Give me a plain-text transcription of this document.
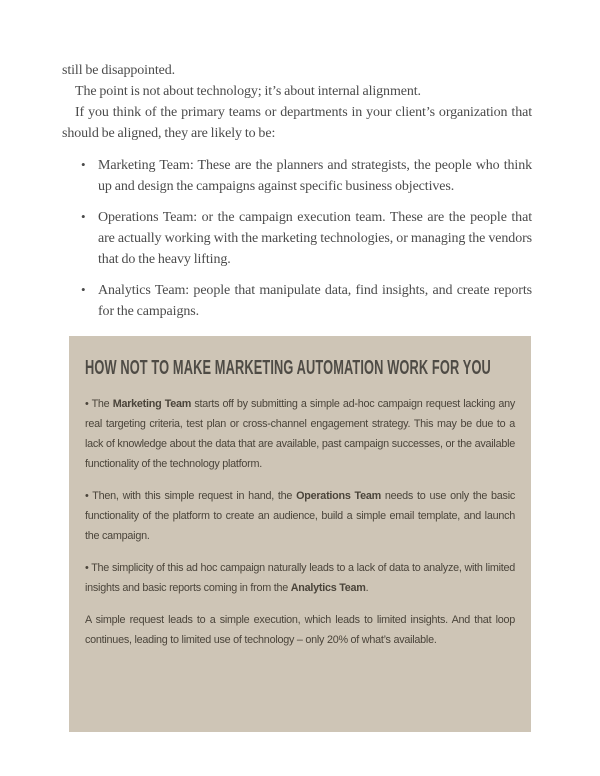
still be disappointed.

The point is not about technology; it’s about internal alignment.

If you think of the primary teams or departments in your client’s organization that should be aligned, they are likely to be:

• Marketing Team: These are the planners and strategists, the people who think up and design the campaigns against specific business objectives.
• Operations Team: or the campaign execution team. These are the people that are actually working with the marketing technologies, or managing the vendors that do the heavy lifting.
• Analytics Team: people that manipulate data, find insights, and create reports for the campaigns.
HOW NOT TO MAKE MARKETING AUTOMATION WORK FOR YOU

• The Marketing Team starts off by submitting a simple ad-hoc campaign request lacking any real targeting criteria, test plan or cross-channel engagement strategy. This may be due to a lack of knowledge about the data that are available, past campaign successes, or the available functionality of the technology platform.

• Then, with this simple request in hand, the Operations Team needs to use only the basic functionality of the platform to create an audience, build a simple email template, and launch the campaign.

• The simplicity of this ad hoc campaign naturally leads to a lack of data to analyze, with limited insights and basic reports coming in from the Analytics Team.

A simple request leads to a simple execution, which leads to limited insights. And that loop continues, leading to limited use of technology – only 20% of what’s available.
